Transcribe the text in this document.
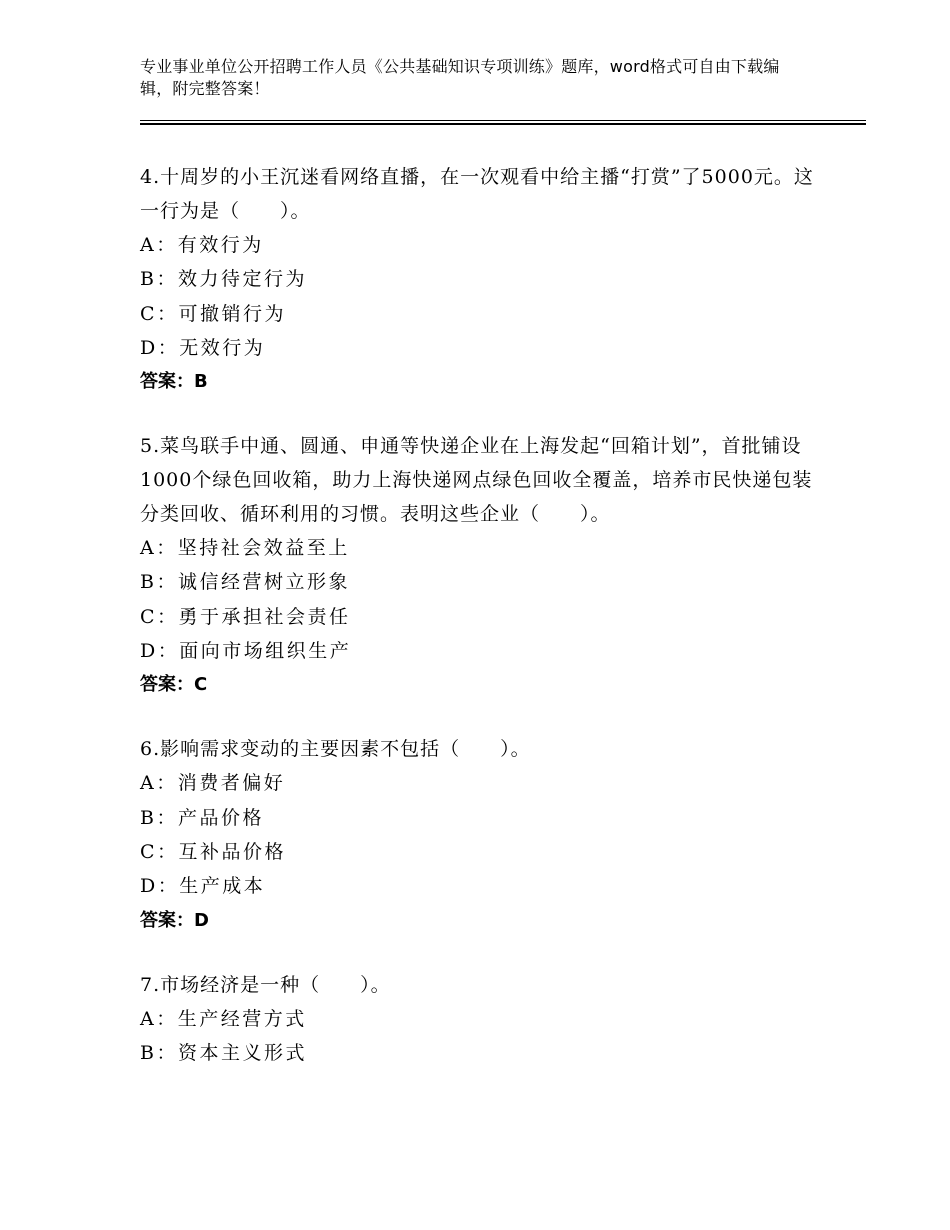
专业事业单位公开招聘工作人员《公共基础知识专项训练》题库，word格式可自由下载编辑，附完整答案！

4.十周岁的小王沉迷看网络直播，在一次观看中给主播“打赏”了5000元。这一行为是（　　）。

A：有效行为

B：效力待定行为

C：可撤销行为

D：无效行为

答案：B

5.菜鸟联手中通、圆通、申通等快递企业在上海发起“回箱计划”，首批铺设1000个绿色回收箱，助力上海快递网点绿色回收全覆盖，培养市民快递包装分类回收、循环利用的习惯。表明这些企业（　　）。

A：坚持社会效益至上

B：诚信经营树立形象

C：勇于承担社会责任

D：面向市场组织生产

答案：C

6.影响需求变动的主要因素不包括（　　）。

A：消费者偏好

B：产品价格

C：互补品价格

D：生产成本

答案：D

7.市场经济是一种（　　）。

A：生产经营方式

B：资本主义形式
